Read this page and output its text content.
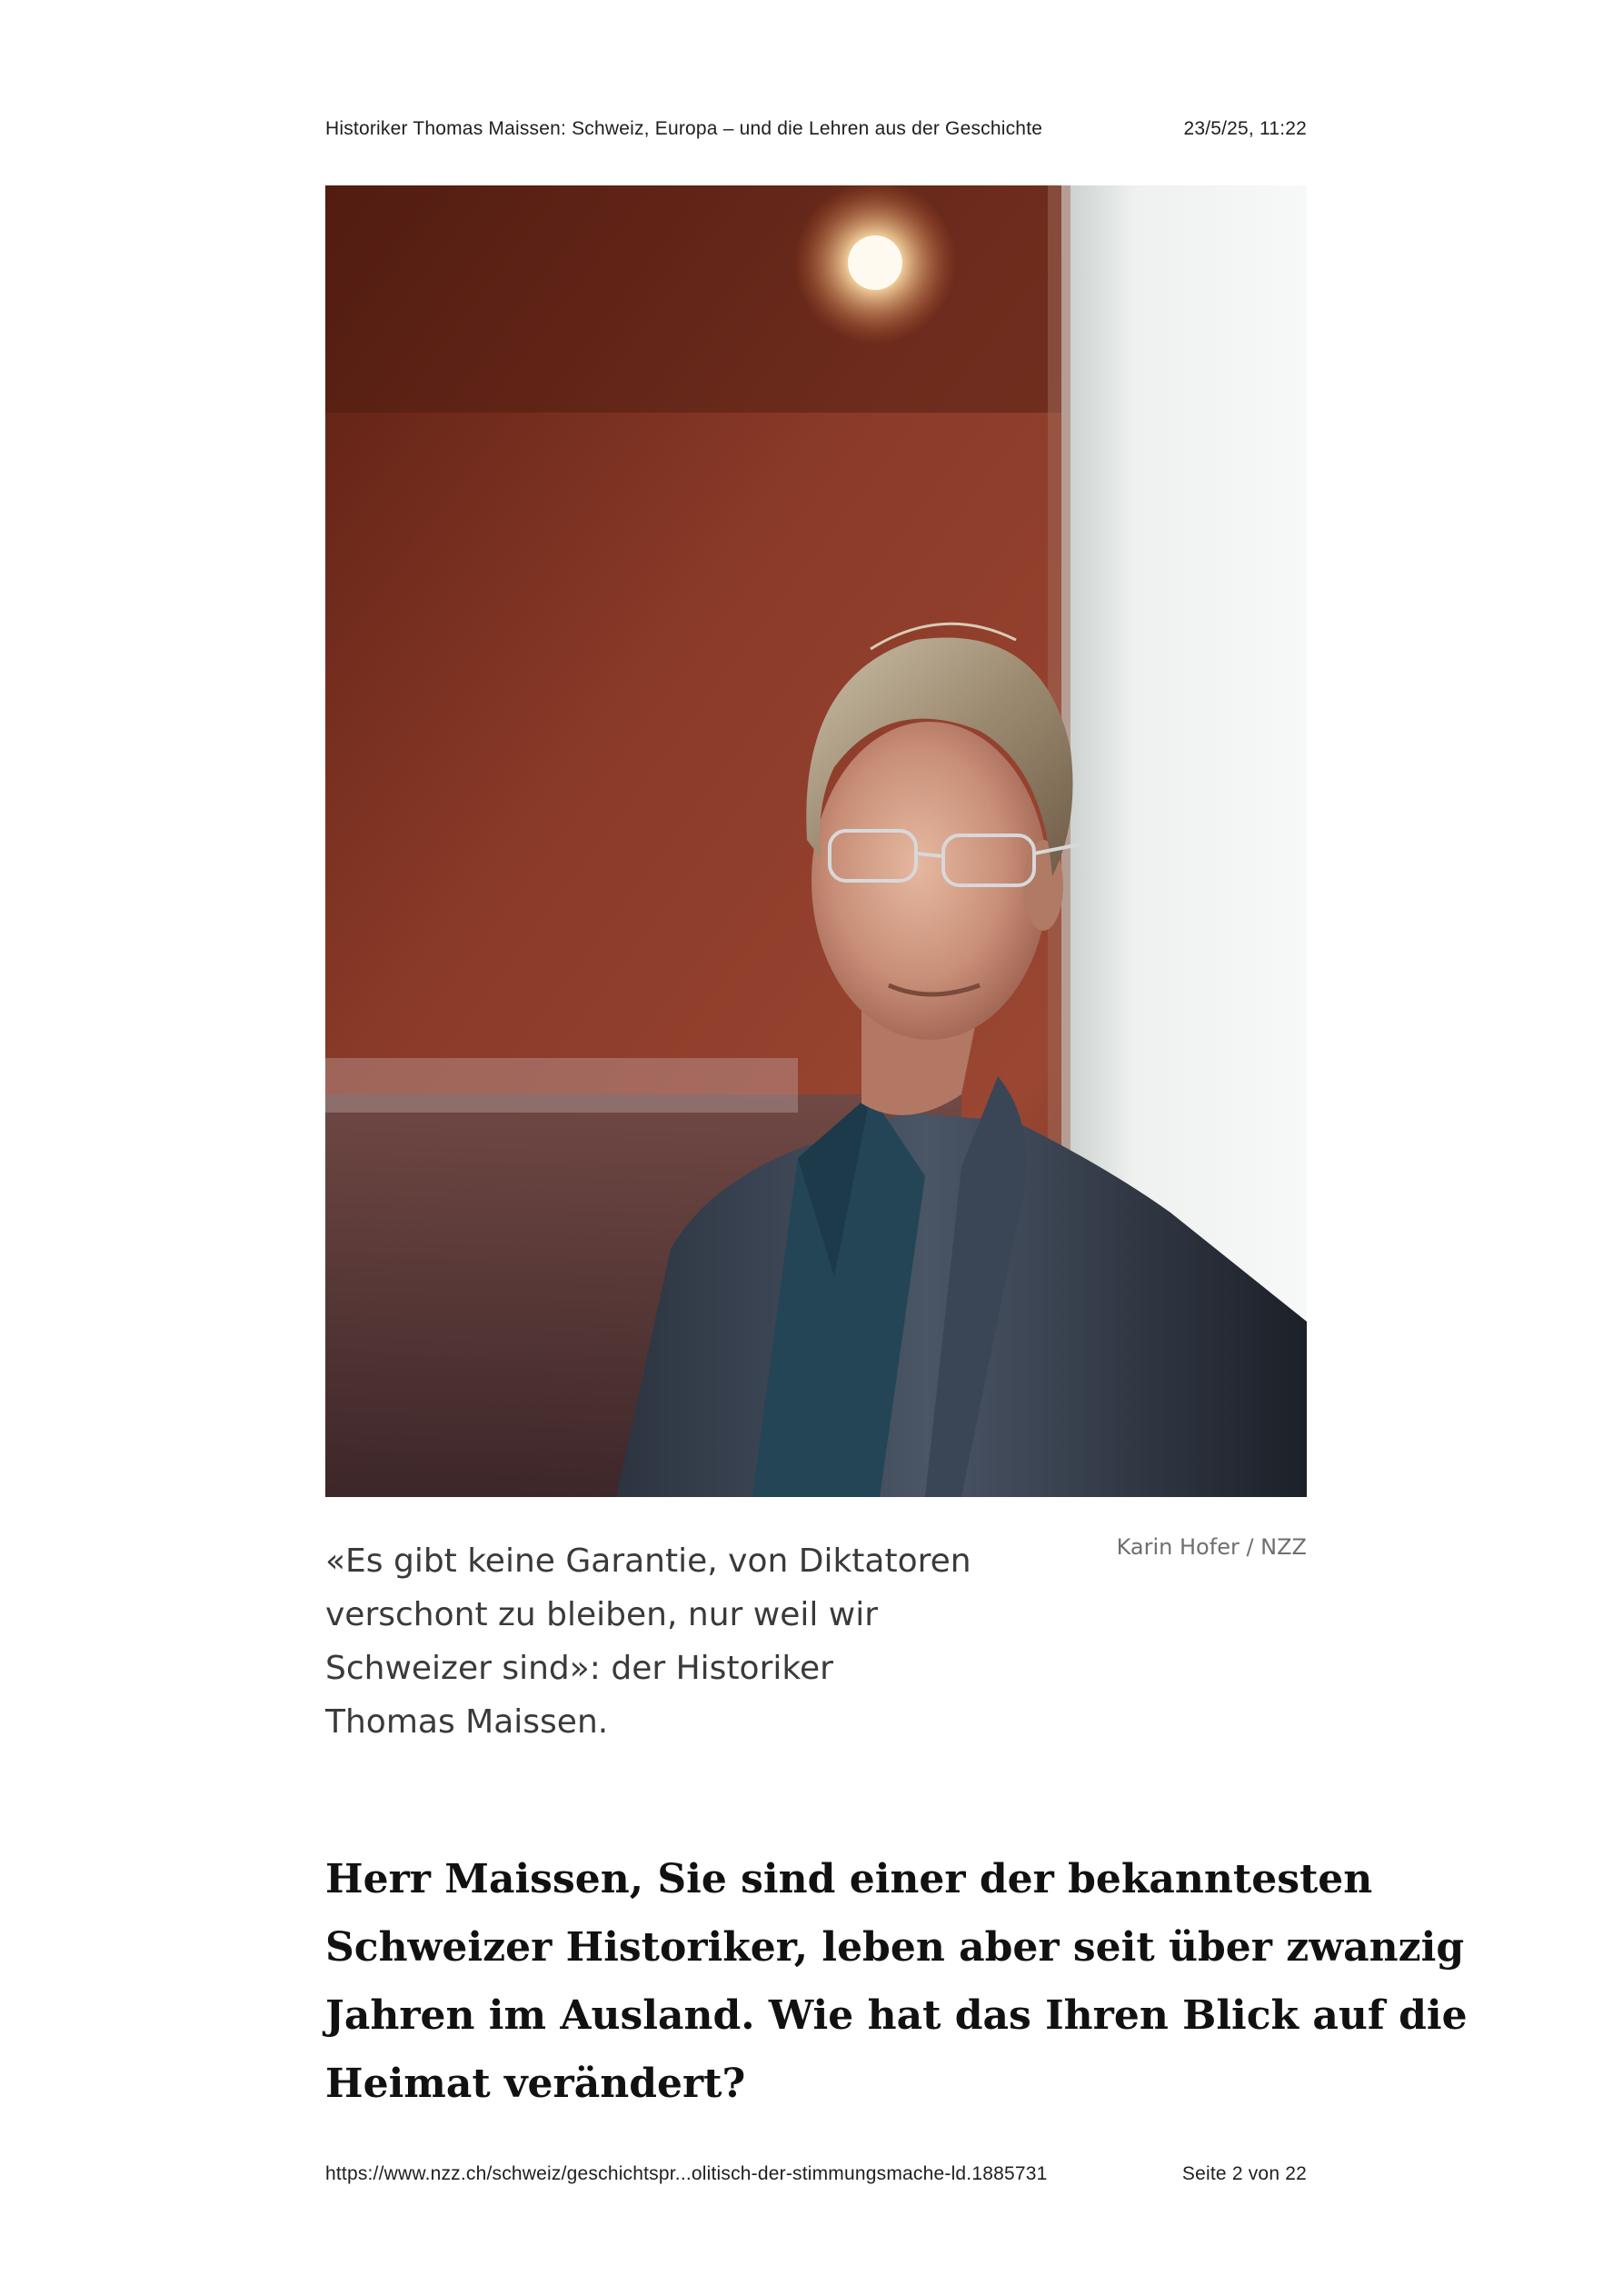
Historiker Thomas Maissen: Schweiz, Europa – und die Lehren aus der Geschichte	23/5/25, 11:22
«Es gibt keine Garantie, von Diktatoren
verschont zu bleiben, nur weil wir
Schweizer sind»: der Historiker
Thomas Maissen.
Karin Hofer / NZZ
Herr Maissen, Sie sind einer der bekanntesten
Schweizer Historiker, leben aber seit über zwanzig
Jahren im Ausland. Wie hat das Ihren Blick auf die
Heimat verändert?
https://www.nzz.ch/schweiz/geschichtspr...olitisch-der-stimmungsmache-ld.1885731	Seite 2 von 22
